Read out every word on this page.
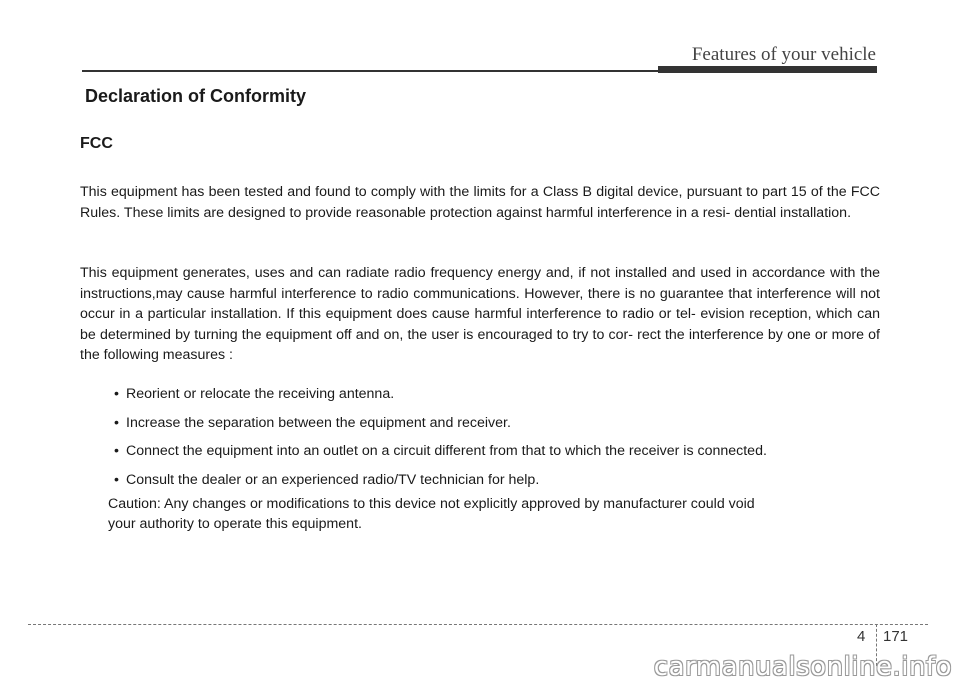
Features of your vehicle
Declaration of Conformity
FCC

This equipment has been tested and found to comply with the limits for a Class B digital device, pursuant to part 15 of the FCC Rules. These limits are designed to provide reasonable protection against harmful interference in a resi- dential installation.

This equipment generates, uses and can radiate radio frequency energy and, if not installed and used in accordance with the instructions,may cause harmful interference to radio communications. However, there is no guarantee that interference will not occur in a particular installation. If this equipment does cause harmful interference to radio or tel- evision reception, which can be determined by turning the equipment off and on, the user is encouraged to try to cor- rect the interference by one or more of the following measures :

• Reorient or relocate the receiving antenna.
• Increase the separation between the equipment and receiver.
• Connect the equipment into an outlet on a circuit different from that to which the receiver is connected.
• Consult the dealer or an experienced radio/TV technician for help.

Caution: Any changes or modifications to this device not explicitly approved by manufacturer could void
your authority to operate this equipment.

4 171
carmanualsonline.info
